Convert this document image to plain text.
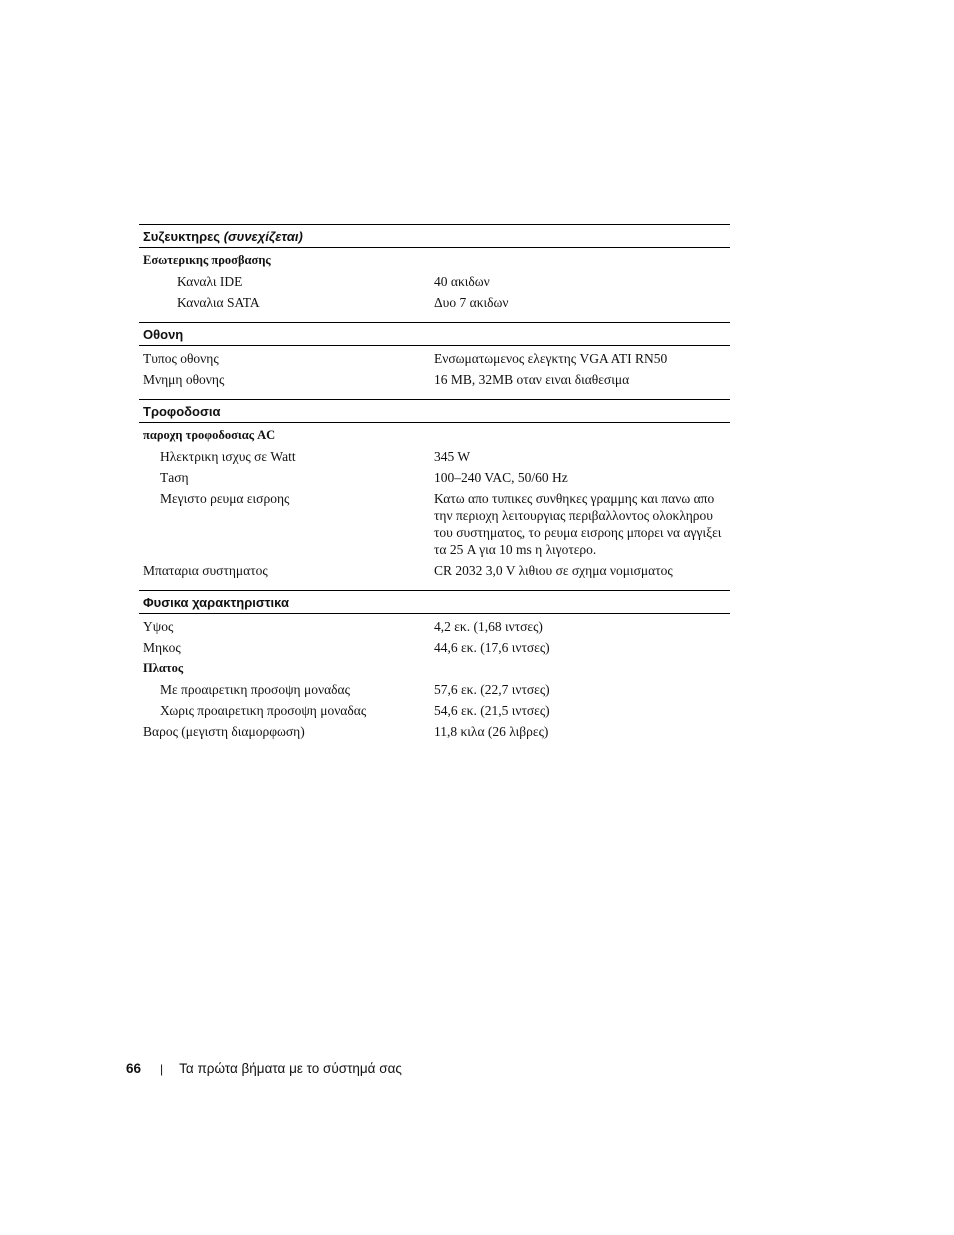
Συζευκτηρες (συνεχίζεται)
Εσωτερικης προσβασης
Καναλι IDE	40 ακιδων
Καναλια SATA	Δυο 7 ακιδων
Οθονη
Τυπος οθονης	Ενσωματωμενος ελεγκτης VGA ATI RN50
Μνημη οθονης	16 MB, 32MB οταν ειναι διαθεσιμα
Τροφοδοσια
παροχη τροφοδοσιας AC
Ηλεκτρικη ισχυς σε Watt	345 W
Τaση	100–240 VAC, 50/60 Hz
Μεγιστο ρευμα εισροης	Κατω απο τυπικες συνθηκες γραμμης και πανω απο την περιοχη λειτουργιας περιβαλλοντος ολοκληρου του συστηματος, το ρευμα εισροης μπορει να αγγιξει τα 25 A για 10 ms η λιγοτερο.
Μπαταρια συστηματος	CR 2032 3,0 V λιθιου σε σχημα νομισματος
Φυσικα χαρακτηριστικα
Υψος	4,2 εκ. (1,68 ιντσες)
Μηκος	44,6 εκ. (17,6 ιντσες)
Πλατος
Με προαιρετικη προσοψη μοναδας	57,6 εκ. (22,7 ιντσες)
Χωρις προαιρετικη προσοψη μοναδας	54,6 εκ. (21,5 ιντσες)
Βαρος (μεγιστη διαμορφωση)	11,8 κιλα (26 λιβρες)
66 | Τα πρώτα βήματα με το σύστημά σας
